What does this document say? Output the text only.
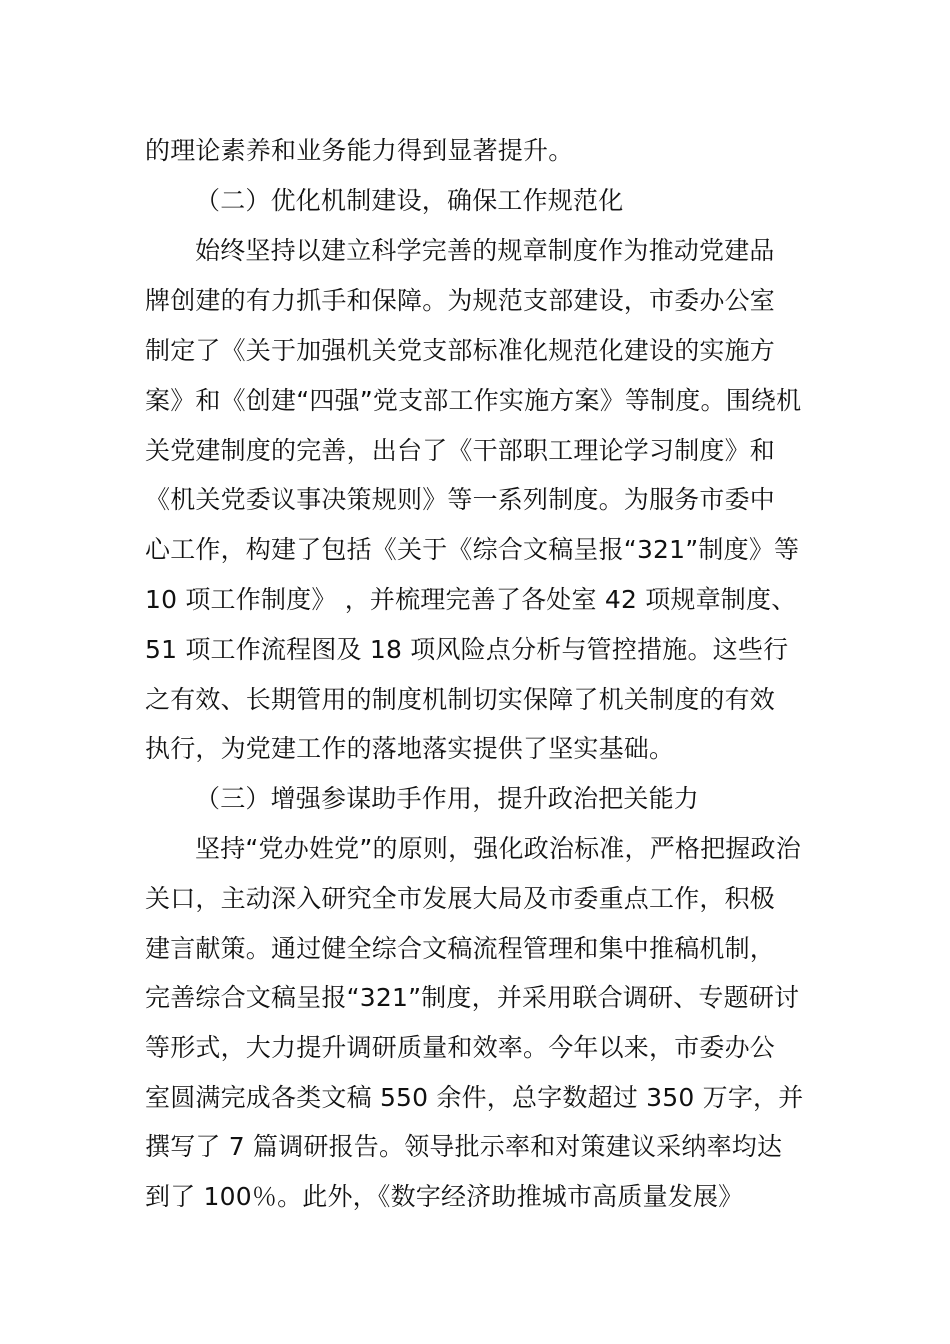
的理论素养和业务能力得到显著提升。
（二）优化机制建设，确保工作规范化
始终坚持以建立科学完善的规章制度作为推动党建品
牌创建的有力抓手和保障。为规范支部建设，市委办公室
制定了《关于加强机关党支部标准化规范化建设的实施方
案》和《创建“四强”党支部工作实施方案》等制度。围绕机
关党建制度的完善，出台了《干部职工理论学习制度》和
《机关党委议事决策规则》等一系列制度。为服务市委中
心工作，构建了包括《关于《综合文稿呈报“321”制度》等
10 项工作制度》 ，并梳理完善了各处室 42 项规章制度、
51 项工作流程图及 18 项风险点分析与管控措施。这些行
之有效、长期管用的制度机制切实保障了机关制度的有效
执行，为党建工作的落地落实提供了坚实基础。
（三）增强参谋助手作用，提升政治把关能力
坚持“党办姓党”的原则，强化政治标准，严格把握政治
关口，主动深入研究全市发展大局及市委重点工作，积极
建言献策。通过健全综合文稿流程管理和集中推稿机制，
完善综合文稿呈报“321”制度，并采用联合调研、专题研讨
等形式，大力提升调研质量和效率。今年以来，市委办公
室圆满完成各类文稿 550 余件，总字数超过 350 万字，并
撰写了 7 篇调研报告。领导批示率和对策建议采纳率均达
到了 100％。此外，《数字经济助推城市高质量发展》
